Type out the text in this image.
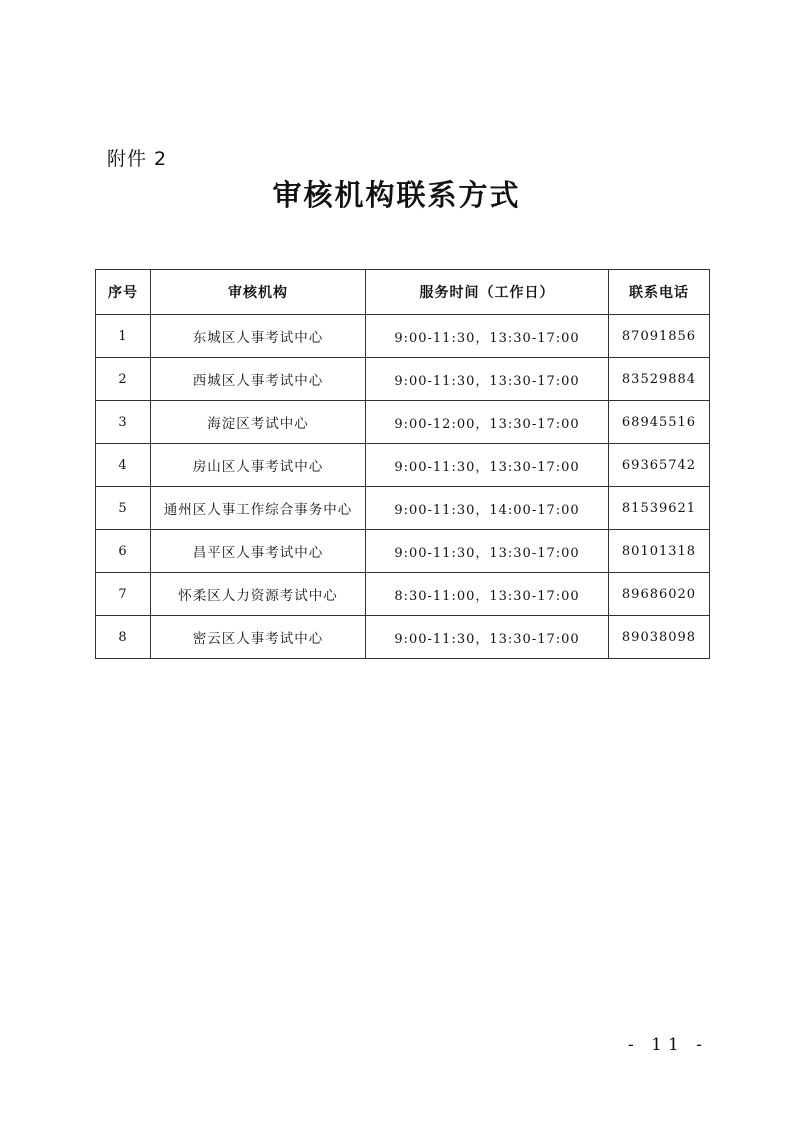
附件 2
审核机构联系方式
序号	审核机构	服务时间（工作日）	联系电话
1	东城区人事考试中心	9:00-11:30，13:30-17:00	87091856
2	西城区人事考试中心	9:00-11:30，13:30-17:00	83529884
3	海淀区考试中心	9:00-12:00，13:30-17:00	68945516
4	房山区人事考试中心	9:00-11:30，13:30-17:00	69365742
5	通州区人事工作综合事务中心	9:00-11:30，14:00-17:00	81539621
6	昌平区人事考试中心	9:00-11:30，13:30-17:00	80101318
7	怀柔区人力资源考试中心	8:30-11:00，13:30-17:00	89686020
8	密云区人事考试中心	9:00-11:30，13:30-17:00	89038098
- 11 -
